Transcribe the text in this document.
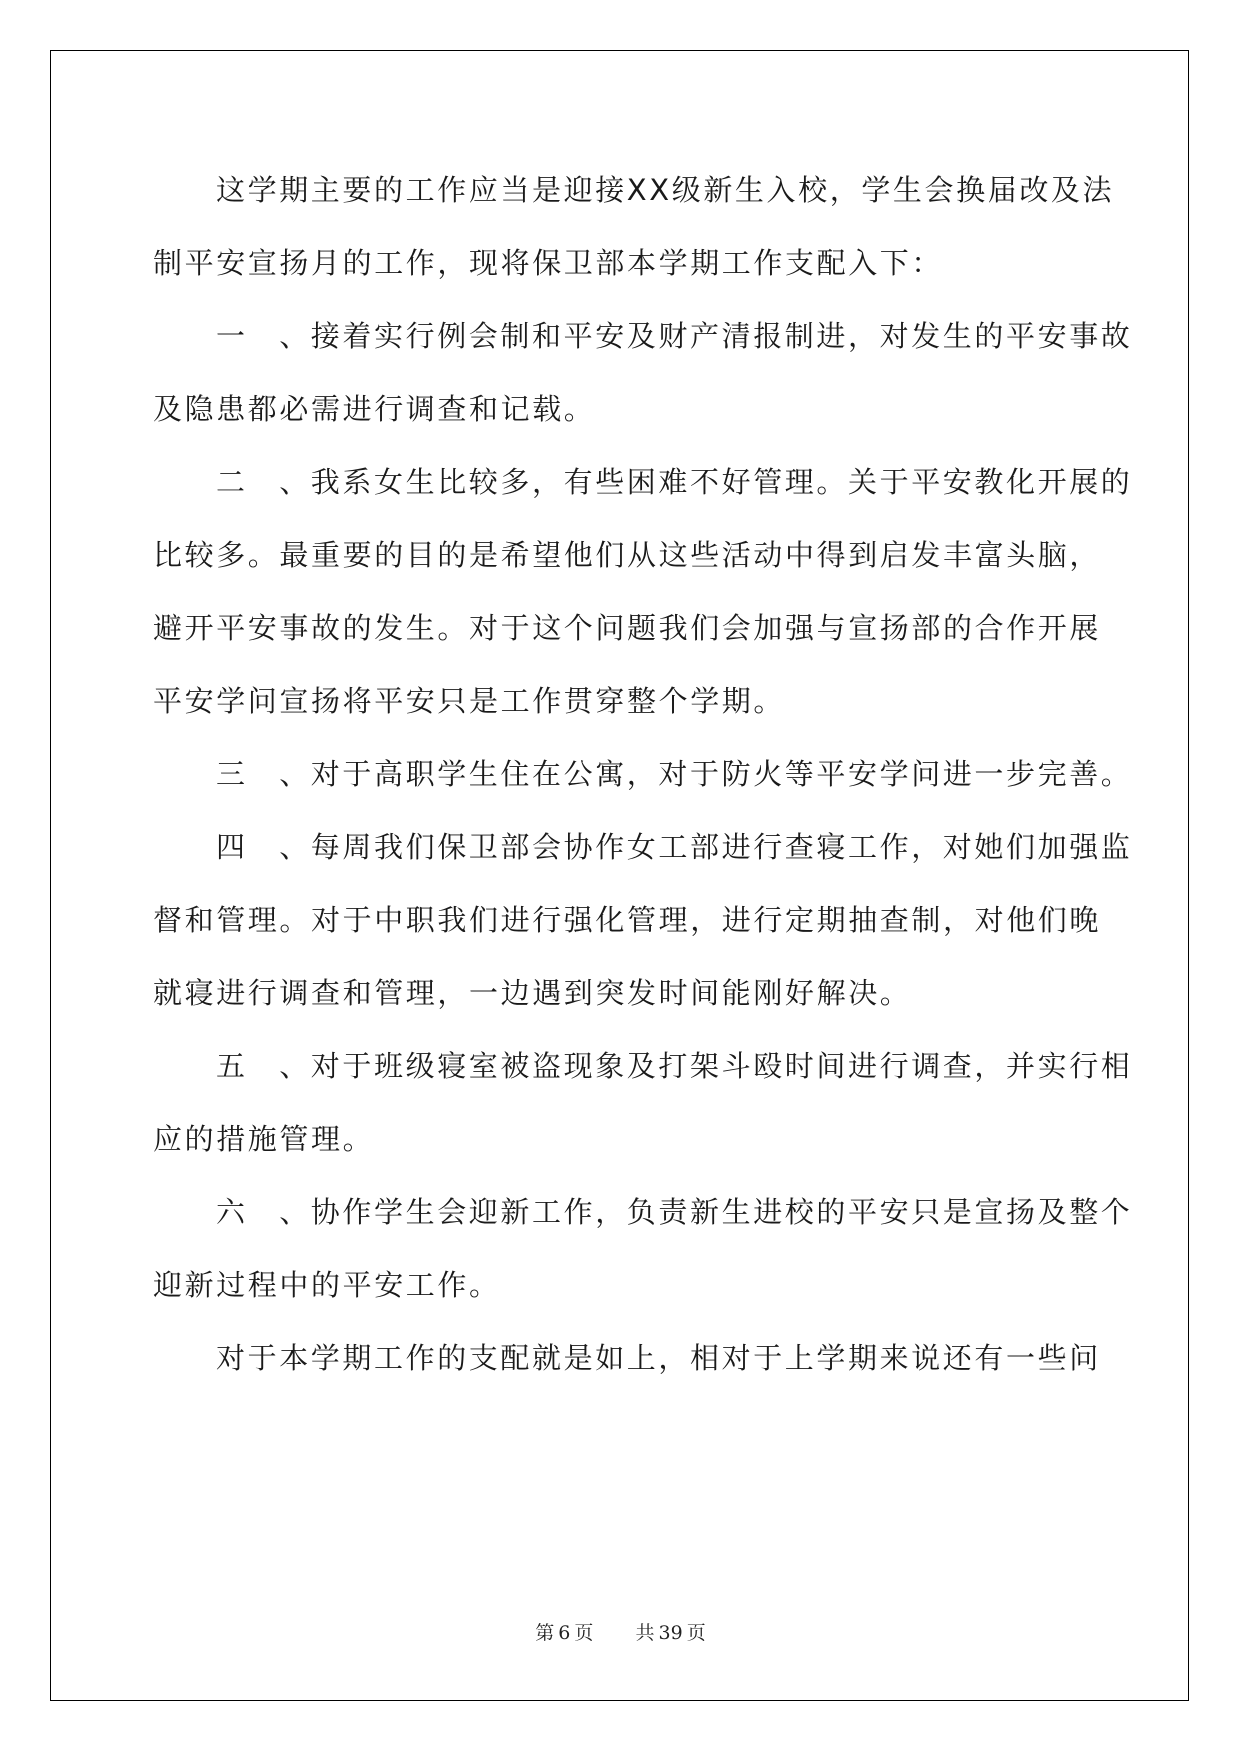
这学期主要的工作应当是迎接XX级新生入校，学生会换届改及法
制平安宣扬月的工作，现将保卫部本学期工作支配入下：
一　、接着实行例会制和平安及财产清报制进，对发生的平安事故
及隐患都必需进行调查和记载。
二　、我系女生比较多，有些困难不好管理。关于平安教化开展的
比较多。最重要的目的是希望他们从这些活动中得到启发丰富头脑，
避开平安事故的发生。对于这个问题我们会加强与宣扬部的合作开展
平安学问宣扬将平安只是工作贯穿整个学期。
三　、对于高职学生住在公寓，对于防火等平安学问进一步完善。
四　、每周我们保卫部会协作女工部进行查寝工作，对她们加强监
督和管理。对于中职我们进行强化管理，进行定期抽查制，对他们晚
就寝进行调查和管理，一边遇到突发时间能刚好解决。
五　、对于班级寝室被盗现象及打架斗殴时间进行调查，并实行相
应的措施管理。
六　、协作学生会迎新工作，负责新生进校的平安只是宣扬及整个
迎新过程中的平安工作。
对于本学期工作的支配就是如上，相对于上学期来说还有一些问
第 6 页 共 39 页
